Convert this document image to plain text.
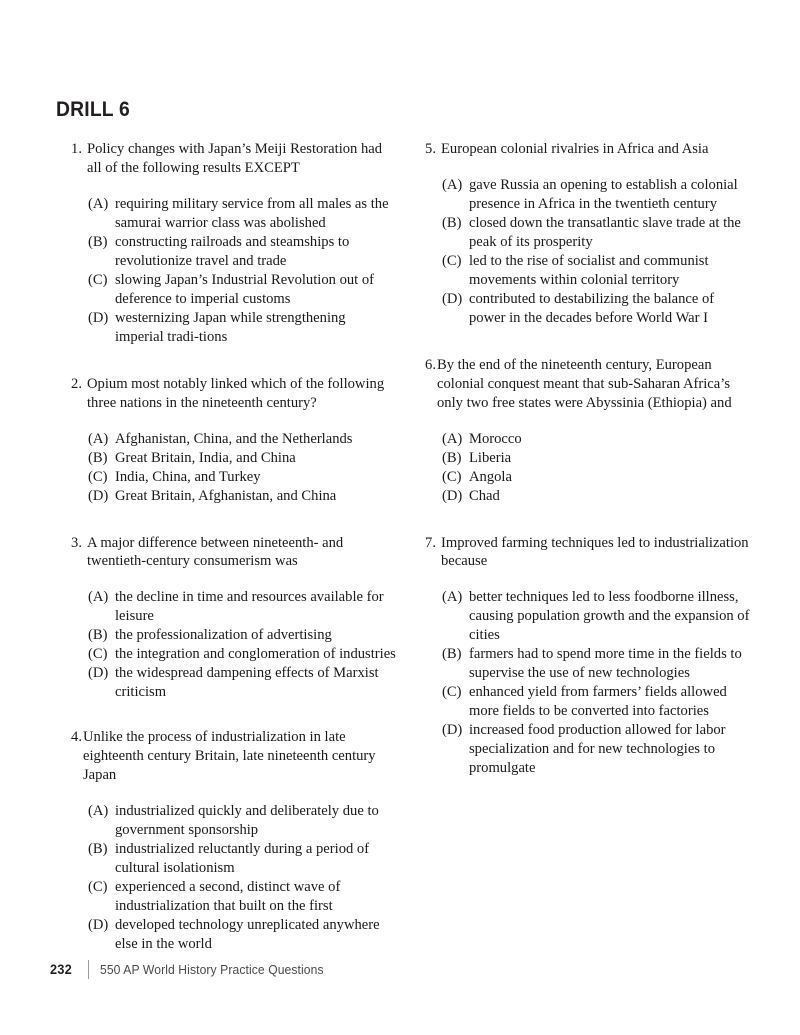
DRILL 6
1. Policy changes with Japan’s Meiji Restoration had all of the following results EXCEPT
(A) requiring military service from all males as the samurai warrior class was abolished
(B) constructing railroads and steamships to revolutionize travel and trade
(C) slowing Japan’s Industrial Revolution out of deference to imperial customs
(D) westernizing Japan while strengthening imperial tradi-tions
2. Opium most notably linked which of the following three nations in the nineteenth century?
(A) Afghanistan, China, and the Netherlands
(B) Great Britain, India, and China
(C) India, China, and Turkey
(D) Great Britain, Afghanistan, and China
3. A major difference between nineteenth- and twentieth-century consumerism was
(A) the decline in time and resources available for leisure
(B) the professionalization of advertising
(C) the integration and conglomeration of industries
(D) the widespread dampening effects of Marxist criticism
4. Unlike the process of industrialization in late eighteenth century Britain, late nineteenth century Japan
(A) industrialized quickly and deliberately due to government sponsorship
(B) industrialized reluctantly during a period of cultural isolationism
(C) experienced a second, distinct wave of industrialization that built on the first
(D) developed technology unreplicated anywhere else in the world
5. European colonial rivalries in Africa and Asia
(A) gave Russia an opening to establish a colonial presence in Africa in the twentieth century
(B) closed down the transatlantic slave trade at the peak of its prosperity
(C) led to the rise of socialist and communist movements within colonial territory
(D) contributed to destabilizing the balance of power in the decades before World War I
6. By the end of the nineteenth century, European colonial conquest meant that sub-Saharan Africa’s only two free states were Abyssinia (Ethiopia) and
(A) Morocco
(B) Liberia
(C) Angola
(D) Chad
7. Improved farming techniques led to industrialization because
(A) better techniques led to less foodborne illness, causing population growth and the expansion of cities
(B) farmers had to spend more time in the fields to supervise the use of new technologies
(C) enhanced yield from farmers’ fields allowed more fields to be converted into factories
(D) increased food production allowed for labor specialization and for new technologies to promulgate
232 550 AP World History Practice Questions
